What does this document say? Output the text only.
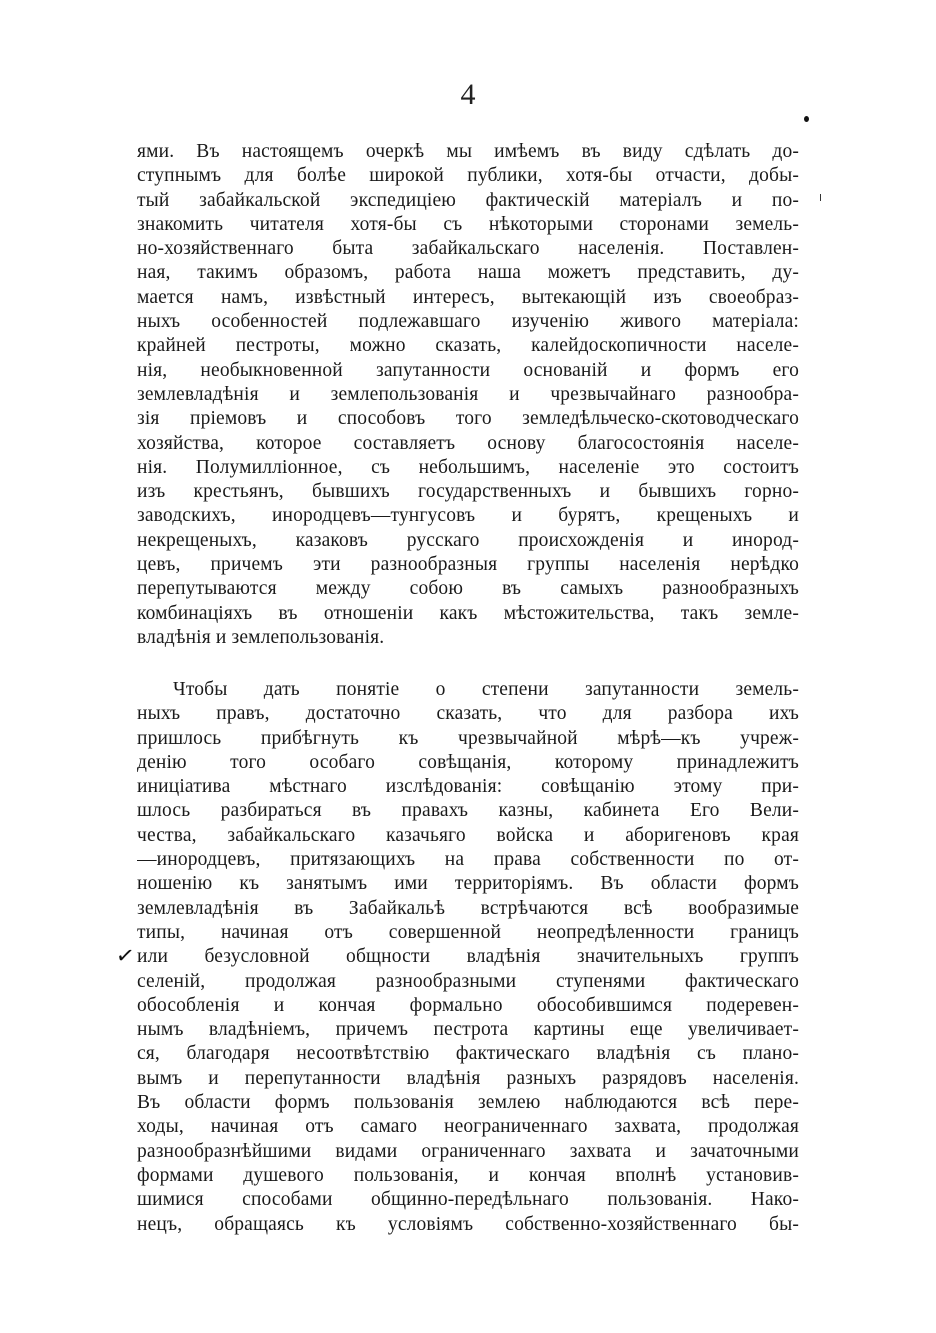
4
✓
ями. Въ настоящемъ очеркѣ мы имѣемъ въ виду сдѣлать до-
ступнымъ для болѣе широкой публики, хотя-бы отчасти, добы-
тый забайкальской экспедиціею фактическій матеріалъ и по-
знакомить читателя хотя-бы съ нѣкоторыми сторонами земель-
но-хозяйственнаго быта забайкальскаго населенія. Поставлен-
ная, такимъ образомъ, работа наша можетъ представить, ду-
мается намъ, извѣстный интересъ, вытекающій изъ своеобраз-
ныхъ особенностей подлежавшаго изученію живого матеріала:
крайней пестроты, можно сказать, калейдоскопичности населе-
нія, необыкновенной запутанности основаній и формъ его
землевладѣнія и землепользованія и чрезвычайнаго разнообра-
зія пріемовъ и способовъ того земледѣльческо-скотоводческаго
хозяйства, которое составляетъ основу благосостоянія населе-
нія. Полумилліонное, съ небольшимъ, населеніе это состоитъ
изъ крестьянъ, бывшихъ государственныхъ и бывшихъ горно-
заводскихъ, инородцевъ—тунгусовъ и бурятъ, крещеныхъ и
некрещеныхъ, казаковъ русскаго происхожденія и инород-
цевъ, причемъ эти разнообразныя группы населенія нерѣдко
перепутываются между собою въ самыхъ разнообразныхъ
комбинаціяхъ въ отношеніи какъ мѣстожительства, такъ земле-
владѣнія и землепользованія.
Чтобы дать понятіе о степени запутанности земель-
ныхъ правъ, достаточно сказать, что для разбора ихъ
пришлось прибѣгнуть къ чрезвычайной мѣрѣ—къ учреж-
денію того особаго совѣщанія, которому принадлежитъ
иниціатива мѣстнаго изслѣдованія: совѣщанію этому при-
шлось разбираться въ правахъ казны, кабинета Его Вели-
чества, забайкальскаго казачьяго войска и аборигеновъ края
—инородцевъ, притязающихъ на права собственности по от-
ношенію къ занятымъ ими территоріямъ. Въ области формъ
землевладѣнія въ Забайкальѣ встрѣчаются всѣ вообразимые
типы, начиная отъ совершенной неопредѣленности границъ
или безусловной общности владѣнія значительныхъ группъ
селеній, продолжая разнообразными ступенями фактическаго
обособленія и кончая формально обособившимся подеревен-
нымъ владѣніемъ, причемъ пестрота картины еще увеличивает-
ся, благодаря несоотвѣтствію фактическаго владѣнія съ плано-
вымъ и перепутанности владѣнія разныхъ разрядовъ населенія.
Въ области формъ пользованія землею наблюдаются всѣ пере-
ходы, начиная отъ самаго неограниченнаго захвата, продолжая
разнообразнѣйшими видами ограниченнаго захвата и зачаточными
формами душевого пользованія, и кончая вполнѣ установив-
шимися способами общинно-передѣльнаго пользованія. Нако-
нецъ, обращаясь къ условіямъ собственно-хозяйственнаго бы-
